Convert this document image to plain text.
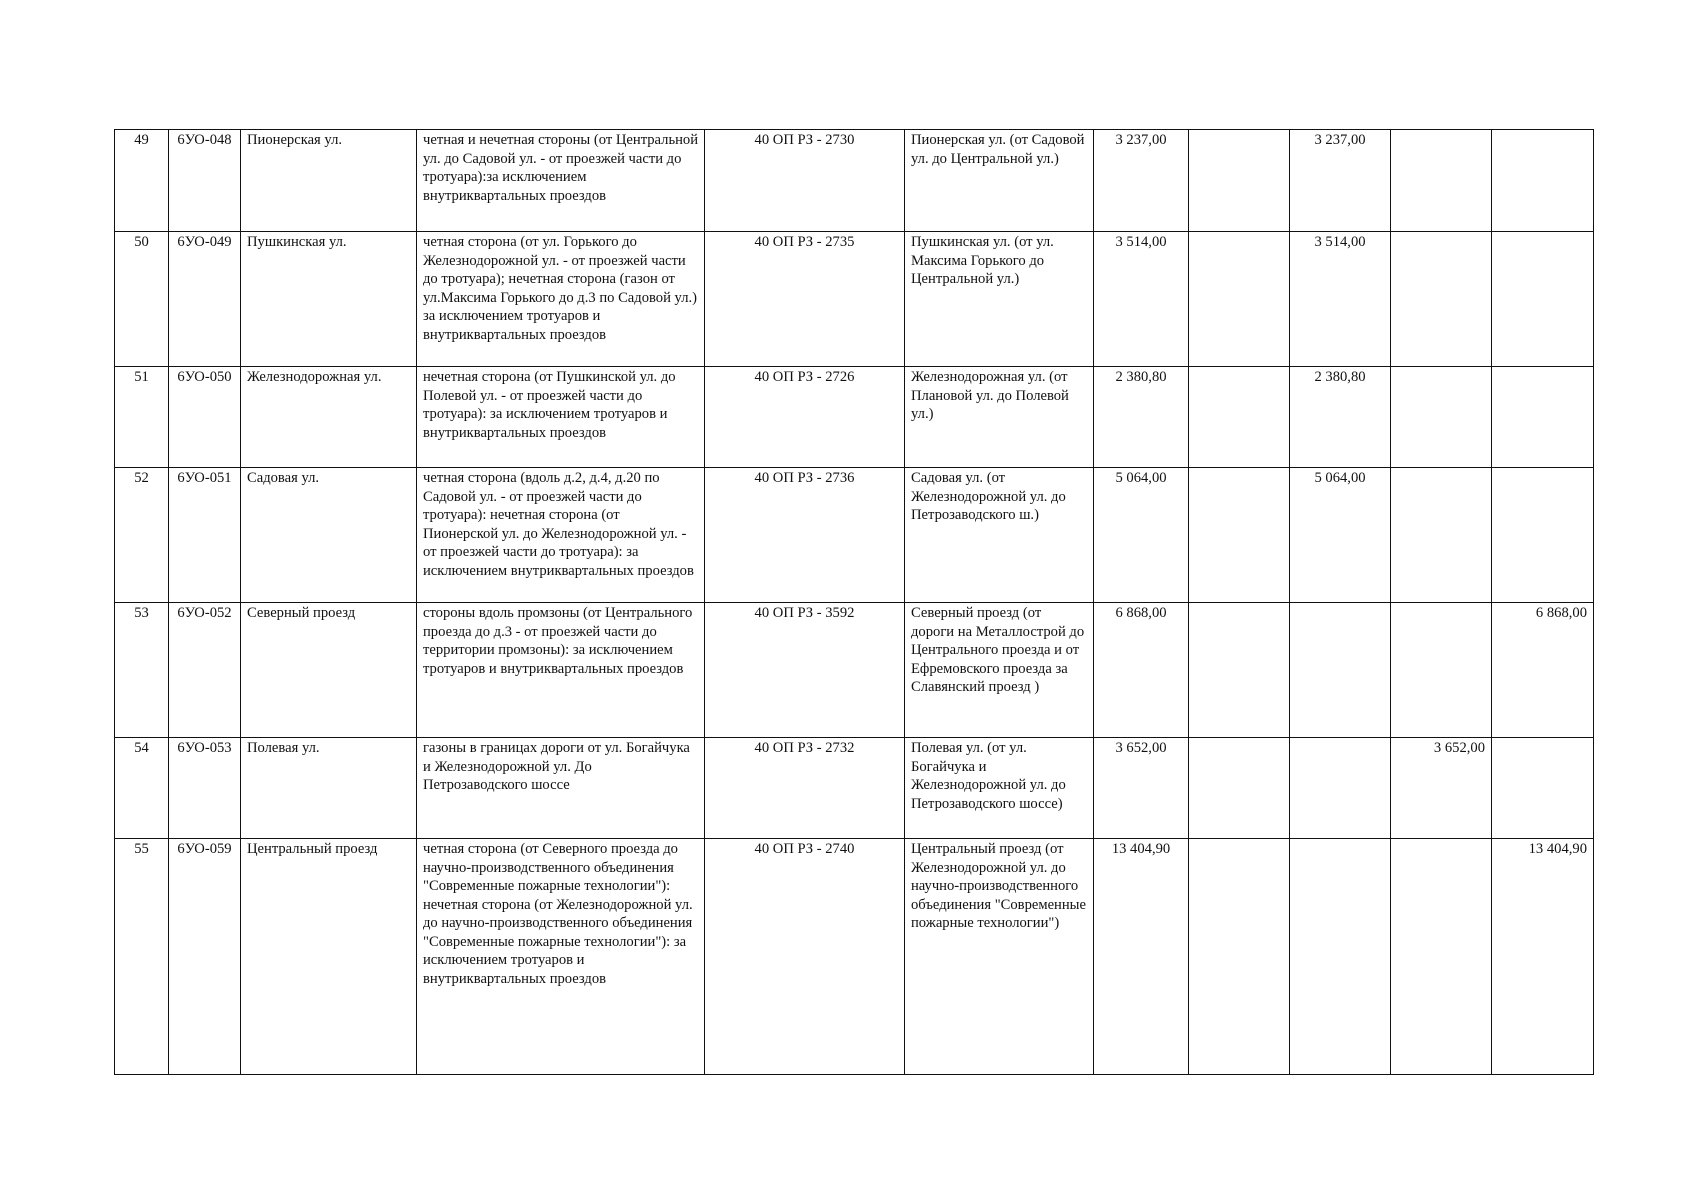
49	6УО-048	Пионерская ул.	четная и нечетная стороны (от Центральной ул. до Садовой ул. - от проезжей части до тротуара):за исключением внутриквартальных проездов	40 ОП РЗ - 2730	Пионерская ул. (от Садовой ул. до Центральной ул.)	3 237,00		3 237,00		
50	6УО-049	Пушкинская ул.	четная сторона (от ул. Горького до Железнодорожной ул. - от проезжей части до тротуара); нечетная сторона (газон от ул.Максима Горького до д.3 по Садовой ул.) за исключением тротуаров и внутриквартальных проездов	40 ОП РЗ - 2735	Пушкинская ул. (от ул. Максима Горького до Центральной ул.)	3 514,00		3 514,00		
51	6УО-050	Железнодорожная ул.	нечетная сторона (от Пушкинской ул. до Полевой ул. - от проезжей части до тротуара): за исключением тротуаров и внутриквартальных проездов	40 ОП РЗ - 2726	Железнодорожная ул. (от Плановой ул. до Полевой ул.)	2 380,80		2 380,80		
52	6УО-051	Садовая ул.	четная сторона (вдоль д.2, д.4, д.20 по Садовой ул. - от проезжей части до тротуара): нечетная сторона (от Пионерской ул. до Железнодорожной ул. - от проезжей части до тротуара): за исключением внутриквартальных проездов	40 ОП РЗ - 2736	Садовая ул. (от Железнодорожной ул. до Петрозаводского ш.)	5 064,00		5 064,00		
53	6УО-052	Северный проезд	стороны вдоль промзоны (от Центрального проезда до д.3 - от проезжей части до территории промзоны): за исключением тротуаров и внутриквартальных проездов	40 ОП РЗ - 3592	Северный проезд (от дороги на Металлострой до Центрального проезда и от Ефремовского проезда за Славянский проезд )	6 868,00				6 868,00
54	6УО-053	Полевая ул.	газоны в границах дороги от ул. Богайчука и Железнодорожной ул. До Петрозаводского шоссе	40 ОП РЗ - 2732	Полевая ул. (от ул. Богайчука и Железнодорожной ул. до Петрозаводского шоссе)	3 652,00			3 652,00	
55	6УО-059	Центральный проезд	четная сторона (от Северного проезда до научно-производственного объединения "Современные пожарные технологии"):
нечетная сторона (от Железнодорожной ул. до научно-производственного объединения "Современные пожарные технологии"): за исключением тротуаров и внутриквартальных проездов	40 ОП РЗ - 2740	Центральный проезд (от Железнодорожной ул. до научно-производственного объединения "Современные пожарные технологии")	13 404,90				13 404,90
